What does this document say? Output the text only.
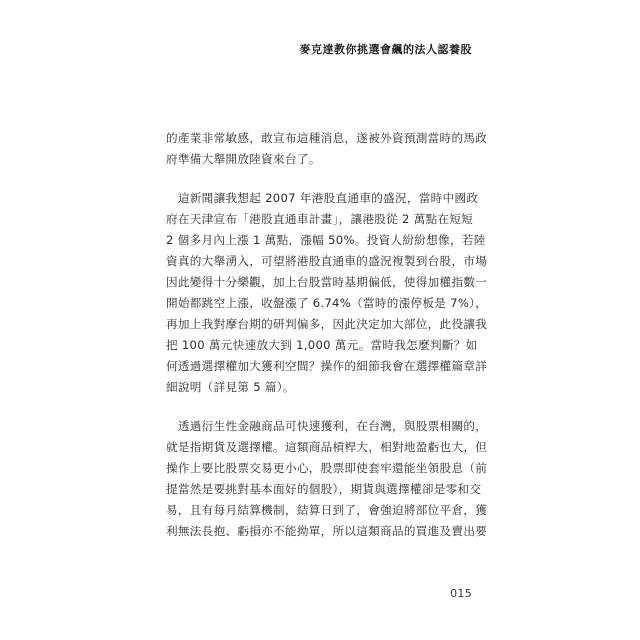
麥克達教你挑選會飆的法人認養股
的產業非常敏感，敢宣布這種消息，遂被外資預測當時的馬政
府準備大舉開放陸資來台了。
　這新聞讓我想起 2007 年港股直通車的盛況，當時中國政
府在天津宣布「港股直通車計畫」，讓港股從 2 萬點在短短
2 個多月內上漲 1 萬點，漲幅 50%。投資人紛紛想像，若陸
資真的大舉湧入，可望將港股直通車的盛況複製到台股，市場
因此變得十分樂觀，加上台股當時基期偏低，使得加權指數一
開始都跳空上漲，收盤漲了 6.74%（當時的漲停板是 7%），
再加上我對摩台期的研判偏多，因此決定加大部位，此役讓我
把 100 萬元快速放大到 1,000 萬元。當時我怎麼判斷？如
何透過選擇權加大獲利空間？操作的細節我會在選擇權篇章詳
細說明（詳見第 5 篇）。
　透過衍生性金融商品可快速獲利，在台灣，與股票相關的，
就是指期貨及選擇權。這類商品槓桿大，相對地盈虧也大，但
操作上要比股票交易更小心，股票即使套牢還能坐領股息（前
提當然是要挑對基本面好的個股），期貨與選擇權卻是零和交
易，且有每月結算機制，結算日到了，會強迫將部位平倉，獲
利無法長抱、虧損亦不能拗單，所以這類商品的買進及賣出要
015
